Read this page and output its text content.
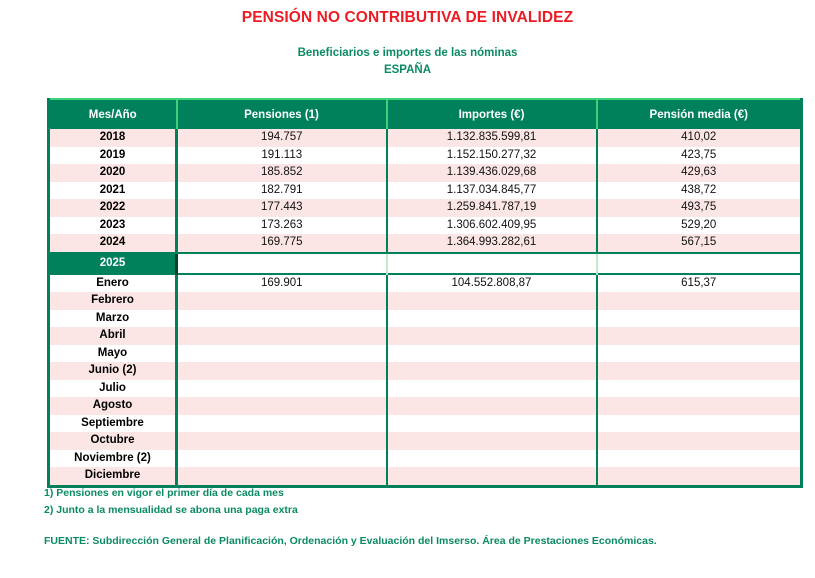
PENSIÓN NO CONTRIBUTIVA DE INVALIDEZ
Beneficiarios e importes de las nóminas
ESPAÑA
Mes/Año	Pensiones (1)	Importes (€)	Pensión media (€)
2018	194.757	1.132.835.599,81	410,02
2019	191.113	1.152.150.277,32	423,75
2020	185.852	1.139.436.029,68	429,63
2021	182.791	1.137.034.845,77	438,72
2022	177.443	1.259.841.787,19	493,75
2023	173.263	1.306.602.409,95	529,20
2024	169.775	1.364.993.282,61	567,15
2025			
Enero	169.901	104.552.808,87	615,37
Febrero			
Marzo			
Abril			
Mayo			
Junio (2)			
Julio			
Agosto			
Septiembre			
Octubre			
Noviembre (2)			
Diciembre			
1) Pensiones en vigor el primer día de cada mes
2) Junto a la mensualidad se abona una paga extra
FUENTE: Subdirección General de Planificación, Ordenación y Evaluación del Imserso. Área de Prestaciones Económicas.
